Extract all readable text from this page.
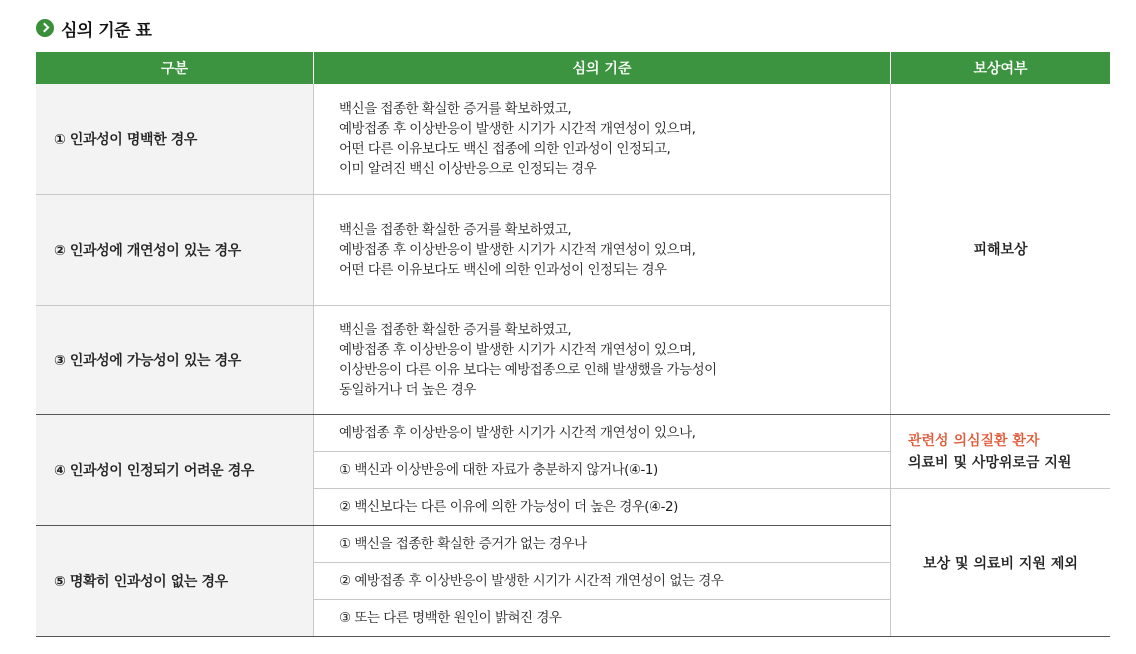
심의 기준 표
구분	심의 기준	보상여부
① 인과성이 명백한 경우
백신을 접종한 확실한 증거를 확보하였고,
예방접종 후 이상반응이 발생한 시기가 시간적 개연성이 있으며,
어떤 다른 이유보다도 백신 접종에 의한 인과성이 인정되고,
이미 알려진 백신 이상반응으로 인정되는 경우
② 인과성에 개연성이 있는 경우
백신을 접종한 확실한 증거를 확보하였고,
예방접종 후 이상반응이 발생한 시기가 시간적 개연성이 있으며,
어떤 다른 이유보다도 백신에 의한 인과성이 인정되는 경우
③ 인과성에 가능성이 있는 경우
백신을 접종한 확실한 증거를 확보하였고,
예방접종 후 이상반응이 발생한 시기가 시간적 개연성이 있으며,
이상반응이 다른 이유 보다는 예방접종으로 인해 발생했을 가능성이
동일하거나 더 높은 경우
피해보상
④ 인과성이 인정되기 어려운 경우
예방접종 후 이상반응이 발생한 시기가 시간적 개연성이 있으나,
① 백신과 이상반응에 대한 자료가 충분하지 않거나(④-1)
② 백신보다는 다른 이유에 의한 가능성이 더 높은 경우(④-2)
관련성 의심질환 환자
의료비 및 사망위로금 지원
⑤ 명확히 인과성이 없는 경우
① 백신을 접종한 확실한 증거가 없는 경우나
② 예방접종 후 이상반응이 발생한 시기가 시간적 개연성이 없는 경우
③ 또는 다른 명백한 원인이 밝혀진 경우
보상 및 의료비 지원 제외
